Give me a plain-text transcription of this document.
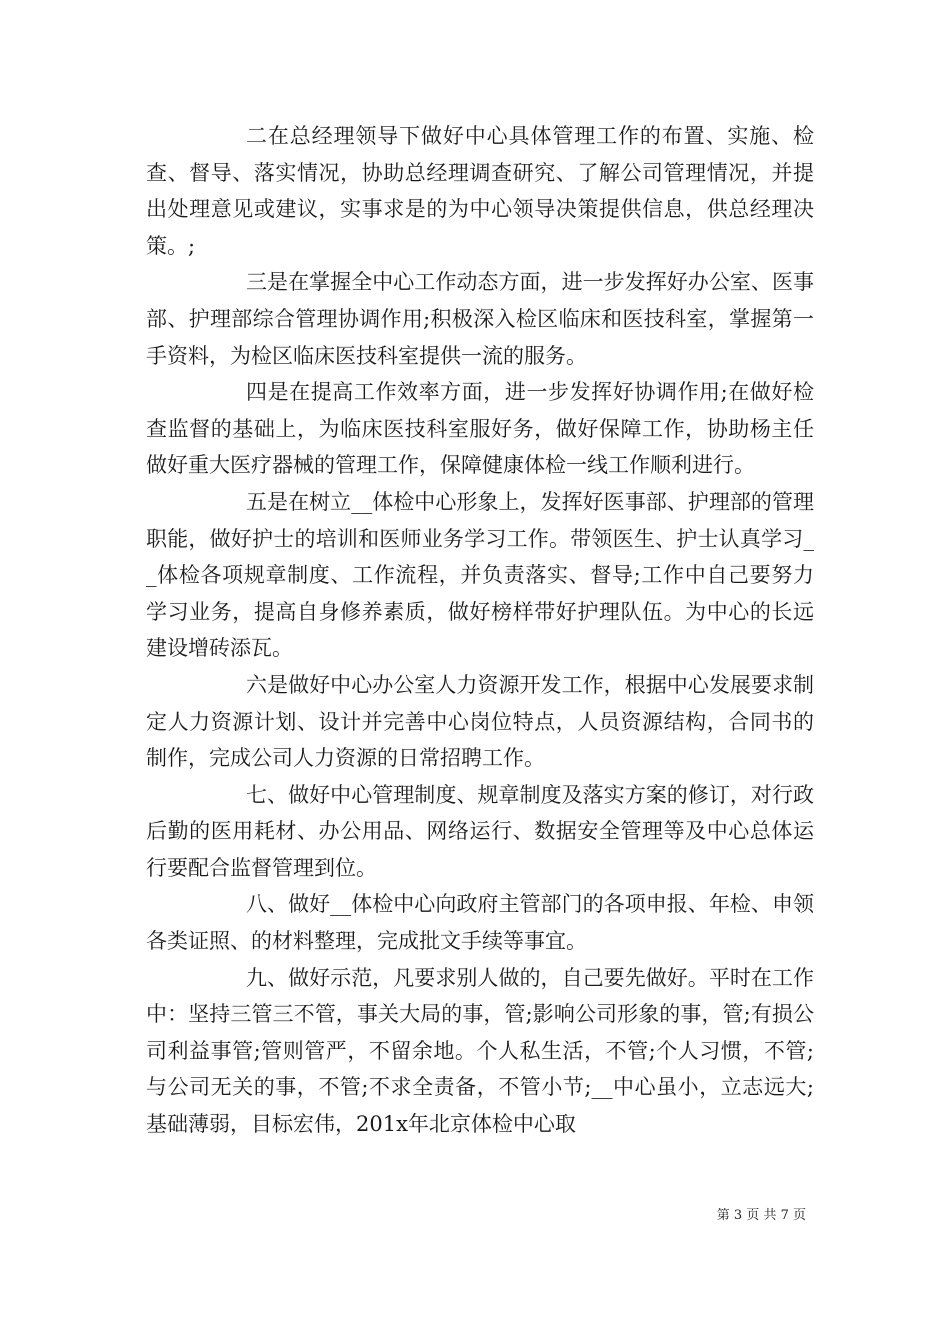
二在总经理领导下做好中心具体管理工作的布置、实施、检查、督导、落实情况，协助总经理调查研究、了解公司管理情况，并提出处理意见或建议，实事求是的为中心领导决策提供信息，供总经理决策。;

三是在掌握全中心工作动态方面，进一步发挥好办公室、医事部、护理部综合管理协调作用;积极深入检区临床和医技科室，掌握第一手资料，为检区临床医技科室提供一流的服务。

四是在提高工作效率方面，进一步发挥好协调作用;在做好检查监督的基础上，为临床医技科室服好务，做好保障工作，协助杨主任做好重大医疗器械的管理工作，保障健康体检一线工作顺利进行。

五是在树立__体检中心形象上，发挥好医事部、护理部的管理职能，做好护士的培训和医师业务学习工作。带领医生、护士认真学习__体检各项规章制度、工作流程，并负责落实、督导;工作中自己要努力学习业务，提高自身修养素质，做好榜样带好护理队伍。为中心的长远建设增砖添瓦。

六是做好中心办公室人力资源开发工作，根据中心发展要求制定人力资源计划、设计并完善中心岗位特点，人员资源结构，合同书的制作，完成公司人力资源的日常招聘工作。

七、做好中心管理制度、规章制度及落实方案的修订，对行政后勤的医用耗材、办公用品、网络运行、数据安全管理等及中心总体运行要配合监督管理到位。

八、做好__体检中心向政府主管部门的各项申报、年检、申领各类证照、的材料整理，完成批文手续等事宜。

九、做好示范，凡要求别人做的，自己要先做好。平时在工作中：坚持三管三不管，事关大局的事，管;影响公司形象的事，管;有损公司利益事管;管则管严，不留余地。个人私生活，不管;个人习惯，不管;与公司无关的事，不管;不求全责备，不管小节;__中心虽小，立志远大;基础薄弱，目标宏伟，201x年北京体检中心取

第 3 页 共 7 页
